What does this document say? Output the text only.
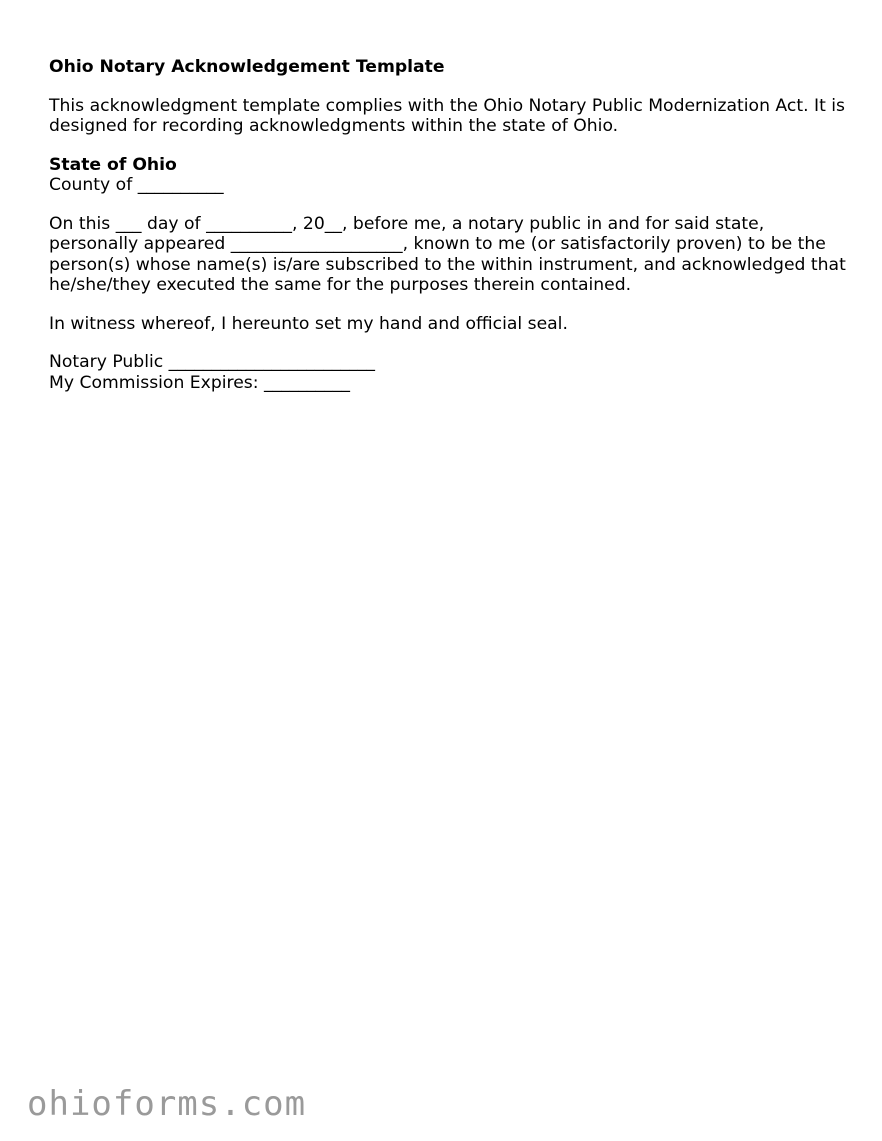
Ohio Notary Acknowledgement Template
This acknowledgment template complies with the Ohio Notary Public Modernization Act. It is designed for recording acknowledgments within the state of Ohio.
State of Ohio
County of __________
On this ___ day of __________, 20__, before me, a notary public in and for said state, personally appeared ____________________, known to me (or satisfactorily proven) to be the person(s) whose name(s) is/are subscribed to the within instrument, and acknowledged that he/she/they executed the same for the purposes therein contained.
In witness whereof, I hereunto set my hand and official seal.
Notary Public ________________________
My Commission Expires: __________
ohioforms.com
